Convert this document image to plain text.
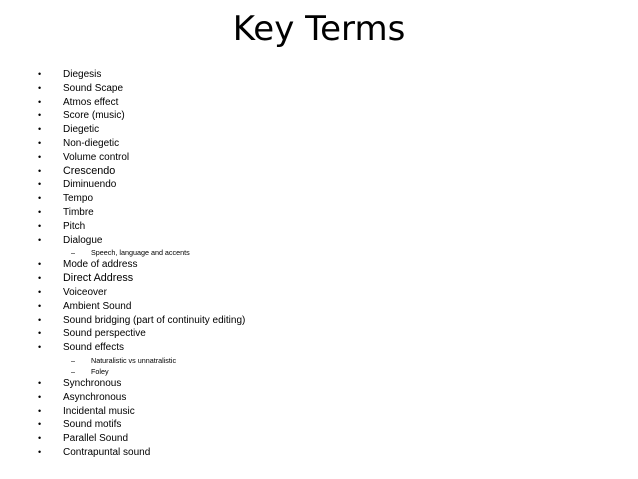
Key Terms
• Diegesis
• Sound Scape
• Atmos effect
• Score (music)
• Diegetic
• Non-diegetic
• Volume control
• Crescendo
• Diminuendo
• Tempo
• Timbre
• Pitch
• Dialogue
– Speech, language and accents
• Mode of address
• Direct Address
• Voiceover
• Ambient Sound
• Sound bridging (part of continuity editing)
• Sound perspective
• Sound effects
– Naturalistic vs unnatralistic
– Foley
• Synchronous
• Asynchronous
• Incidental music
• Sound motifs
• Parallel Sound
• Contrapuntal sound
